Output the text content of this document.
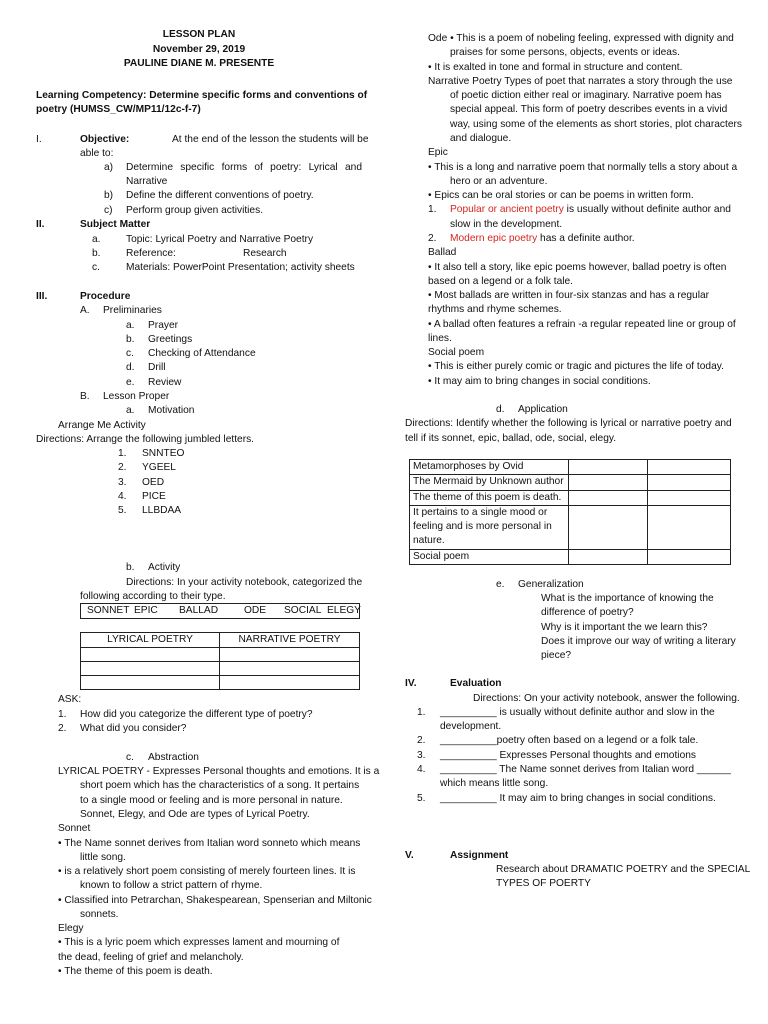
LESSON PLAN
November 29, 2019
PAULINE DIANE M. PRESENTE
Learning Competency: Determine specific forms and conventions of
poetry (HUMSS_CW/MP11/12c-f-7)
I.	Objective:	At the end of the lesson the students will be
able to:
a) Determine specific forms of poetry: Lyrical and
Narrative
b) Define the different conventions of poetry.
c) Perform group given activities.
II.	Subject Matter
a.	Topic: Lyrical Poetry and Narrative Poetry
b.	Reference:	Research
c.	Materials: PowerPoint Presentation; activity sheets
III.	Procedure
A. Preliminaries
a. Prayer
b. Greetings
c. Checking of Attendance
d. Drill
e. Review
B. Lesson Proper
a. Motivation
Arrange Me Activity
Directions: Arrange the following jumbled letters.
1. SNNTEO
2. YGEEL
3. OED
4. PICE
5. LLBDAA
b. Activity
Directions: In your activity notebook, categorized the
following according to their type.
SONNET EPIC BALLAD	ODE SOCIAL ELEGY
LYRICAL POETRY	NARRATIVE POETRY

ASK:
1. How did you categorize the different type of poetry?
2. What did you consider?
c. Abstraction
LYRICAL POETRY - Expresses Personal thoughts and emotions. It is a
short poem which has the characteristics of a song. It pertains
to a single mood or feeling and is more personal in nature.
Sonnet, Elegy, and Ode are types of Lyrical Poetry.
Sonnet
• The Name sonnet derives from Italian word sonneto which means
little song.
• is a relatively short poem consisting of merely fourteen lines. It is
known to follow a strict pattern of rhyme.
• Classified into Petrarchan, Shakespearean, Spenserian and Miltonic
sonnets.
Elegy
• This is a lyric poem which expresses lament and mourning of
the dead, feeling of grief and melancholy.
• The theme of this poem is death.
Ode • This is a poem of nobeling feeling, expressed with dignity and
praises for some persons, objects, events or ideas.
• It is exalted in tone and formal in structure and content.
Narrative Poetry Types of poet that narrates a story through the use
of poetic diction either real or imaginary. Narrative poem has
special appeal. This form of poetry describes events in a vivid
way, using some of the elements as short stories, plot characters
and dialogue.
Epic
• This is a long and narrative poem that normally tells a story about a
hero or an adventure.
• Epics can be oral stories or can be poems in written form.
1. Popular or ancient poetry is usually without definite author and
slow in the development.
2. Modern epic poetry has a definite author.
Ballad
• It also tell a story, like epic poems however, ballad poetry is often
based on a legend or a folk tale.
• Most ballads are written in four-six stanzas and has a regular
rhythms and rhyme schemes.
• A ballad often features a refrain -a regular repeated line or group of
lines.
Social poem
• This is either purely comic or tragic and pictures the life of today.
• It may aim to bring changes in social conditions.
d. Application
Directions: Identify whether the following is lyrical or narrative poetry and
tell if its sonnet, epic, ballad, ode, social, elegy.
Metamorphoses by Ovid		
The Mermaid by Unknown author		
The theme of this poem is death.		

It pertains to a single mood or
feeling and is more personal in
nature.		

Social poem		
e. Generalization
What is the importance of knowing the
difference of poetry?
Why is it important the we learn this?
Does it improve our way of writing a literary
piece?
IV.	Evaluation
Directions: On your activity notebook, answer the following.
1. __________ is usually without definite author and slow in the
development.
2. __________poetry often based on a legend or a folk tale.
3. __________ Expresses Personal thoughts and emotions
4. __________ The Name sonnet derives from Italian word ______
which means little song.
5. __________ It may aim to bring changes in social conditions.
V.	Assignment
Research about DRAMATIC POETRY and the SPECIAL
TYPES OF POERTY
